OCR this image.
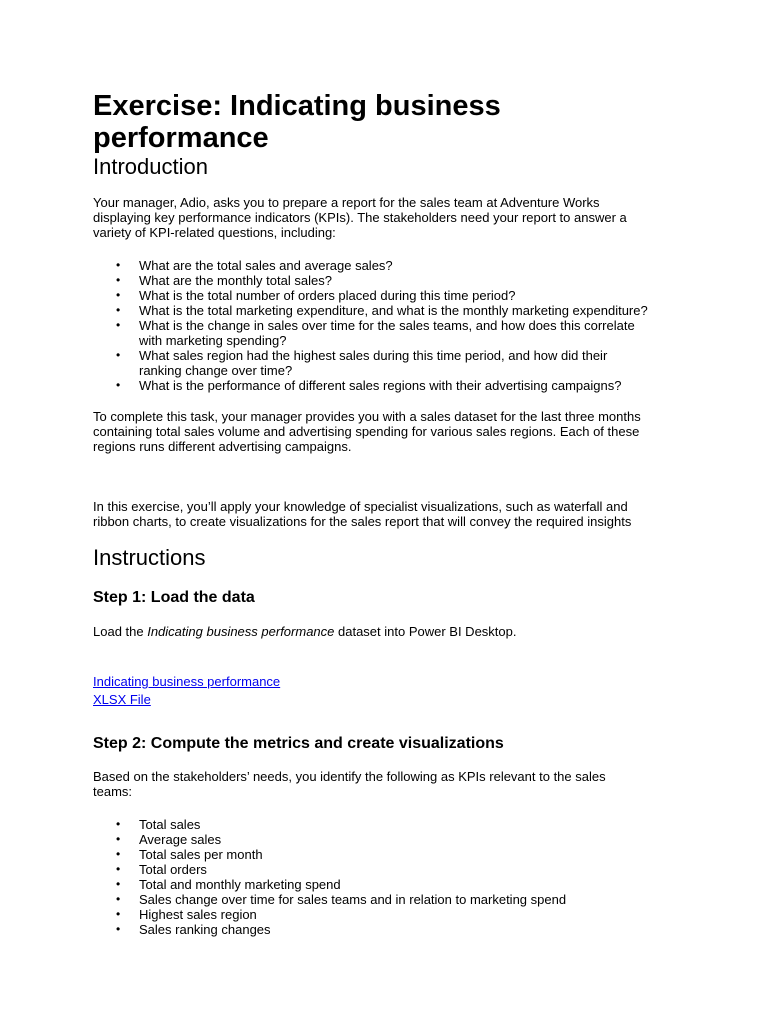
Exercise: Indicating business
performance
Introduction
Your manager, Adio, asks you to prepare a report for the sales team at Adventure Works
displaying key performance indicators (KPIs). The stakeholders need your report to answer a
variety of KPI-related questions, including:
• What are the total sales and average sales?
• What are the monthly total sales?
• What is the total number of orders placed during this time period?
• What is the total marketing expenditure, and what is the monthly marketing expenditure?
• What is the change in sales over time for the sales teams, and how does this correlate
with marketing spending?
• What sales region had the highest sales during this time period, and how did their
ranking change over time?
• What is the performance of different sales regions with their advertising campaigns?
To complete this task, your manager provides you with a sales dataset for the last three months
containing total sales volume and advertising spending for various sales regions. Each of these
regions runs different advertising campaigns.
In this exercise, you’ll apply your knowledge of specialist visualizations, such as waterfall and
ribbon charts, to create visualizations for the sales report that will convey the required insights
Instructions
Step 1: Load the data
Load the Indicating business performance dataset into Power BI Desktop.
Indicating business performance
XLSX File
Step 2: Compute the metrics and create visualizations
Based on the stakeholders’ needs, you identify the following as KPIs relevant to the sales
teams:
• Total sales
• Average sales
• Total sales per month
• Total orders
• Total and monthly marketing spend
• Sales change over time for sales teams and in relation to marketing spend
• Highest sales region
• Sales ranking changes
